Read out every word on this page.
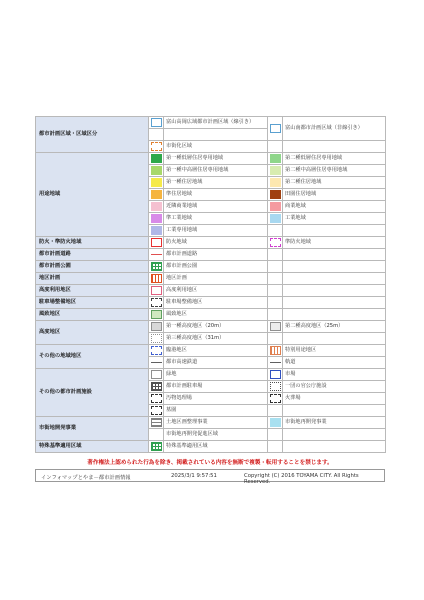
都市計画区域・区域区分		富山高岡広域都市計画区域（線引き）		富山南都市計画区域（非線引き）

		市街化区域		
用途地域		第一種低層住居専用地域		第二種低層住居専用地域

		第一種中高層住居専用地域		第二種中高層住居専用地域

		第一種住居地域		第二種住居地域

		準住居地域		田園住居地域

		近隣商業地域		商業地域

		準工業地域		工業地域

		工業専用地域		
防火・準防火地域		防火地域		準防火地域
都市計画道路		都市計画道路		
都市計画公園		都市計画公園		
地区計画		地区計画		
高度利用地区		高度利用地区		
駐車場整備地区		駐車場整備地区		
風致地区		風致地区		
高度地区		第一種高度地区（20m）		第二種高度地区（25m）

		第三種高度地区（31m）		
その他の地域地区		臨港地区		特別用途地区

		都市高速鉄道		軌道
その他の都市計画施設		緑地		市場

		都市計画駐車場		一団の官公庁施設

		汚物処理場		火葬場

		墓園		
市街地開発事業		土地区画整理事業		市街地再開発事業

		市街地再開発促進区域		
特殊基準適用区域		特殊基準適用区域		
著作権法上認められた行為を除き、掲載されている内容を無断で複製・転用することを禁じます。
インフォマップとやま－都市計画情報	2025/3/1 9:57:51	Copyright (C) 2016 TOYAMA CITY. All Rights Reserved.
